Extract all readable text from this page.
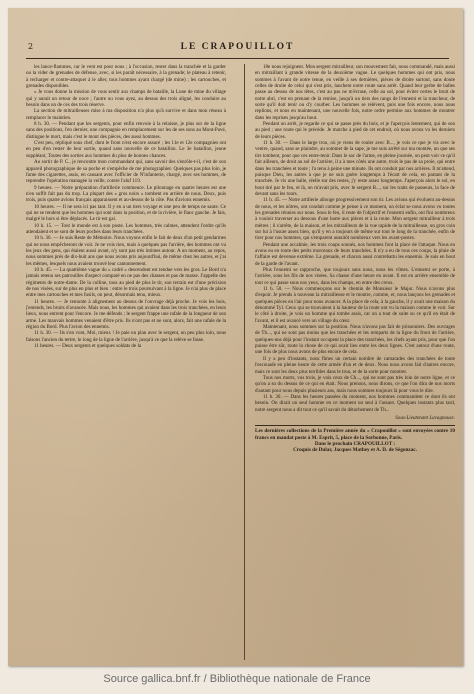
2	LE CRAPOUILLOT

les lance-flammes, car le vent est pour nous ; à l'occasion, rester dans la tranchée et la garder ou la vider de grenades de défense, avec, si les paraît nécessaire, à la grenade; le plateau à retenir, à recharger et contre-attaquer à le aller, tous hommes ayant chargé (de mine) ; les cartouches, et grenades disponibles.

« Je vous donne la mission de vous sentir aux champs de bataille, la Lune de mine du village qui y aurait un retour de noce ; l'autre ou vous ayez, au dessus des trois aligné, les conduire au besoin dans un de ces des trois réserve.

La section de mitrailleuses mise à ma disposition n'a plus qu'à survive et dans mon réseau à remplacer le maintien.

8 h. 30. — Pendant que les sergents, pour enfin renvoie à la relaisse, je plus sur de la ligne sans des positions, l'en dernier, une compagnie en remplacement sur les de ses sons au Mont-Pavé, distingue le mort, mais c'est le mont des pièces, des aussi hommes.

C'est peu, répliqué sous chef, dont le front n'est encore assuré ; les 11e et 12e compagnies ont en peu d'en rester de leur sortie, quand sans nouvelle de ce bataillon. Le 3e bataillon, jeune suppléant, Toutes des sorties aux hommes du plus de bonnes chances.

Au sortir de P. C., je rencontre mon commandant qui, sans savoir des s'enrôle-t-il, c'est de son appareil photographique de sa poche et s'empêche de me photographier. Quelques pas plus loin, je fume des cigarettes, assis, en causant avec l'officier de N'infanterie, chargé, avec ses hommes, de reprendre l'opération managée la veille, contre l'aluf 119.

9 heures. — Notre préparation d'artillerie commence. Le pilonnage en quatre heures est une n'en suffit fait pas du trop. La plupart des « gros noirs » tombent en arrière de nous. Deux, puis trois, puis quatre avions français apparaissent et au-dessus de la côte. Pas d'avions ennemis.

10 heures. — Il ne sera ici pas tant. Il y en a un tiers voyage et une peu de temps ne saute. Ce qui ne se rendent que les hommes qui sont dans la position, et de la rivière, le flanc gauche. Je fais, malgré le hors si être déplacés. Le tir est gai.

10 h. 15. — Tout le monde est à son poste. Les hommes, très calmes, attendent l'ordre qu'ils attendaient et se sont de leurs poches dans leurs tranchées.

10 h. 30. — Je suis Reste de Mémoire. Nous voyons enfin le fait de deux d'un petit gendarmes qui ne nous empêcheront de voir. Je ne vois rien, mais à quelques pas l'arrière, des hommes ont vu les jeux des gens, qui étaient aussi avant, n'y sont pas très intimes autour. A un moment, au repos, nous sommes près de dix-huit ans que nous avons pris aujourd'hui, de même chez les autres, et j'ai les mêmes, lesquels nous avaient trouvé leur cantonnement.

10 h. 45. — La quatrième vague du « cadré » descendent est tendue vers les gros. Le Bord n'a jamais retenu ses patrouilles d'aspect comparé en ne pas des chasses et pas de masse. J'appelle des régiments de notre-dame. De la colline, tous au pied de plus le tir, son terrain est d'une précision de nos visées, sur de plus en plus et bien : entre le trois poursuivant à la ligne. Je n'ai plus de place entre mes cartouches et mes fusils, on peut, désormais tenu, mieux.

11 heures. — Je remonte à alignement au dessus de l'ouvrage déjà proche. Je vois les bois, j'entends, les bruits d'avancée. Mais nous, les hommes qui avaient dans les trois tranchées, en leurs lieux, nous entrent pour l'encore. Je me défends ; le sergent frappe une rafale de la longueur de son arme. Les mauvais hommes venaient d'être pris. Ils n'ont pas et ne sont, alors, fait une rafale de la région du Bord. Plus l'avion des ennemis.

11 h. 30. — Ils s'en vont, Moi, mieux ! Je paie un plan avec le sergent, un peu plus loin, nous faisons l'ancien du tertre, le long de la ligne de l'arrière, jusqu'à ce que la relève se fasse.

11 heures. — Deux sergents et quelques soldats de la

18e nous rejoignent. Mon sergent mitrailleur, son mouvement fait, nous commandé, mais aussi en mitraillant à grande vitesse de la deuxième vague. Le quelques hommes qui ont pris, nous sommes à l'avant de notre tenue, en veille à ses dernières, pièces de droite surtout, sans doute celles de droite de celui qui s'est pris, lanchent notre route sans arrêt. Quand leur gerbe de balles passe au dessus de nos têtes, c'est au pas ne m'écrase, celle au sol, pour éviter certes le bruit de notre abri, c'est en prenant de la remise, jusqu'à un tiers des rangs de l'ennemi et la trancheur, de sorte qu'il doit tenir ou d'y courber. Les hommes se relèvent, puis une fois encore, nous nous replions, et nous en maintenant, une nouvelle fois, notre ordre permise aux hommes de montrer dans les reprises jusqu'au bout.

Pendant un arrêt, je regarde ce qui se passe près du bois, et je l'aperçois lentement, qui de son au pied ; une route qui le précède. Je marche à pied de cet endroit, où nous avons vu les derniers de leurs pièces.

11 h. 30. — Dans le large trou, où je viens de rouler avec B..., je vois ce que je vis avec le ventre, quand, sans se plaindre, au sommet de la sape, je me suis arrêté sur ma montée, un que ses tirs tombent, pour que ces entre-tenir. Dans le sac de l'arme, en pleine journée, on peut voir ce qu'il fait ailleurs, de droit au sol de l'arrière, il a à mes côtés une autre, trois le pas de sa proie, qui entre dans les tranchées et toute ; l'a tenu à peine une minute. Ils ont conduit par nos arrières. Il m'attend, puisque Dieu, les autres à que je ne suis guère longtemps à l'écart de cela, en partant de la tranchée. Je vis une balle, réelle sur des restes, j'y reste assez longtemps. J'aperçois alors le sol, en bout tiré par le feu, et là, on m'avait pris, avec le sergent B..., sur les traits de passeurs, la face de devant sans les tours.

11 h. 45. — Notre artillerie allonge progressivement son tir. Les avions qui évoluent au-dessus de nous, et les nôtres, ont conduit comme je pense à ce moment, un éclat se nous avons vu toutes les grenades réunies sur nous. Sous le feu, il reste de l'objectif et l'ennemi enfin, ont fini nombreux à vouloir traverser au dessous d'une barre aux pièces et à la route. Mon sergent mitrailleur à trois mètres ; il s'arrête, de la maison, et les mitrailleurs de la vue rapide de la mitrailleuse, un gros coin sur lui à l'usure assez bien, qu'il y en a toujours de même sur tout le long de la tranchée, enfin de tirer pour nos hommes, qui s'emparent aussitôt nombreux vers les avant-postes.

Pendant une accalmie, les trois coups sonnés, nos hommes font la place de l'attaque. Nous en avons eu en route des petits morceaux de leurs tranchées. Il n'y a eu de tous ces coups, la pluie de l'affaire est devenue extrême. La grenade, et chacun aussi contrebattu les ennemis. Je suis en bout de la garde de l'avant.

Plus l'ennemi se rapproche, que toujours sans nous, nous les vîmes. L'ennemi se porte, à l'arrière, sous les fils de nos visées. Sa chasse d'une heure en avant. Il est en arrière ensemble de tout ce qui passe sous nos yeux, dans les champs, en entre des creux.

11 h. 50. — Nous commençons sur le chemin de Monsieur le Major. Nous n'avons plus d'espoir. Je prends à nouveau la mitrailleuse et le montre, comme, et, nous lançons les grenades et quelques pièces en l'air pour nous avancer. A la place de cela, à la gauche, il y avait une maison du dénommé Tyl. Ceux qui se trouvaient à la hauteur de la route ont vu la maison comme le voir. Sur le côté à droite, je vois un homme qui tombe assis, car on a tout de suite su ce qu'il en était de l'avant, et il est avancé vers un village du cœur.

Maintenant, nous sommes sur la position. Nous n'avons pas fait de prisonniers. Des ouvrages de Th..., qui ne sont pas moins que les tranchées et les remparts de la ligne du front de l'arrière, quelques-uns déjà pour l'instant occupent la place des tranchées, les chefs ayant pris, pour que l'on puisse être sûr, toute la chose de ce qui avait lieu entre les deux lignes. C'est autour d'une route, une fois de plus nous avons de plus encore de cela.

Il y a peu d'instants, nous fîmes un certain nombre de camarades des tranchées de toute l'escouade en pleine heure de cette armée d'un et de deux. Nous nous avons fait d'autres encore, mais ce sont les deux plus terribles dans le trou, et de la sorte pour montrer.

Tous nos morts, vos trois, je vois ceux de Ch..., qui ne sont pas très loin de notre ligne, et ce qu'on a su du dessus de ce qui en était. Nous prenons, nous dirons, ce que l'on dira de nos morts d'autant pour nous depuis plusieurs ans, mais nous sommes toujours là pour vous le dire.

11 h. 30. — Dans les heures passées du moment, nos hommes commandent ce dont ils ont besoin. On dirait un seul homme en ce moment un seul à l'assaut. Quelques instants plus tard, notre sergent nous a dit tout ce qu'il savait du détachement de Th...

Sous-Lieutenant Lavagnouse.

Les dernières collections de la Première année du « Crapouillot » sont envoyées contre 10 francs en mandat poste à M. Esprit, 5, place de la Sorbonne, Paris.

Dans le prochain CRAPOUILLOT :

Croquis de Dular, Jacques Mathey et A. D. de Ségonzac.

Source gallica.bnf.fr / Bibliothèque nationale de France
